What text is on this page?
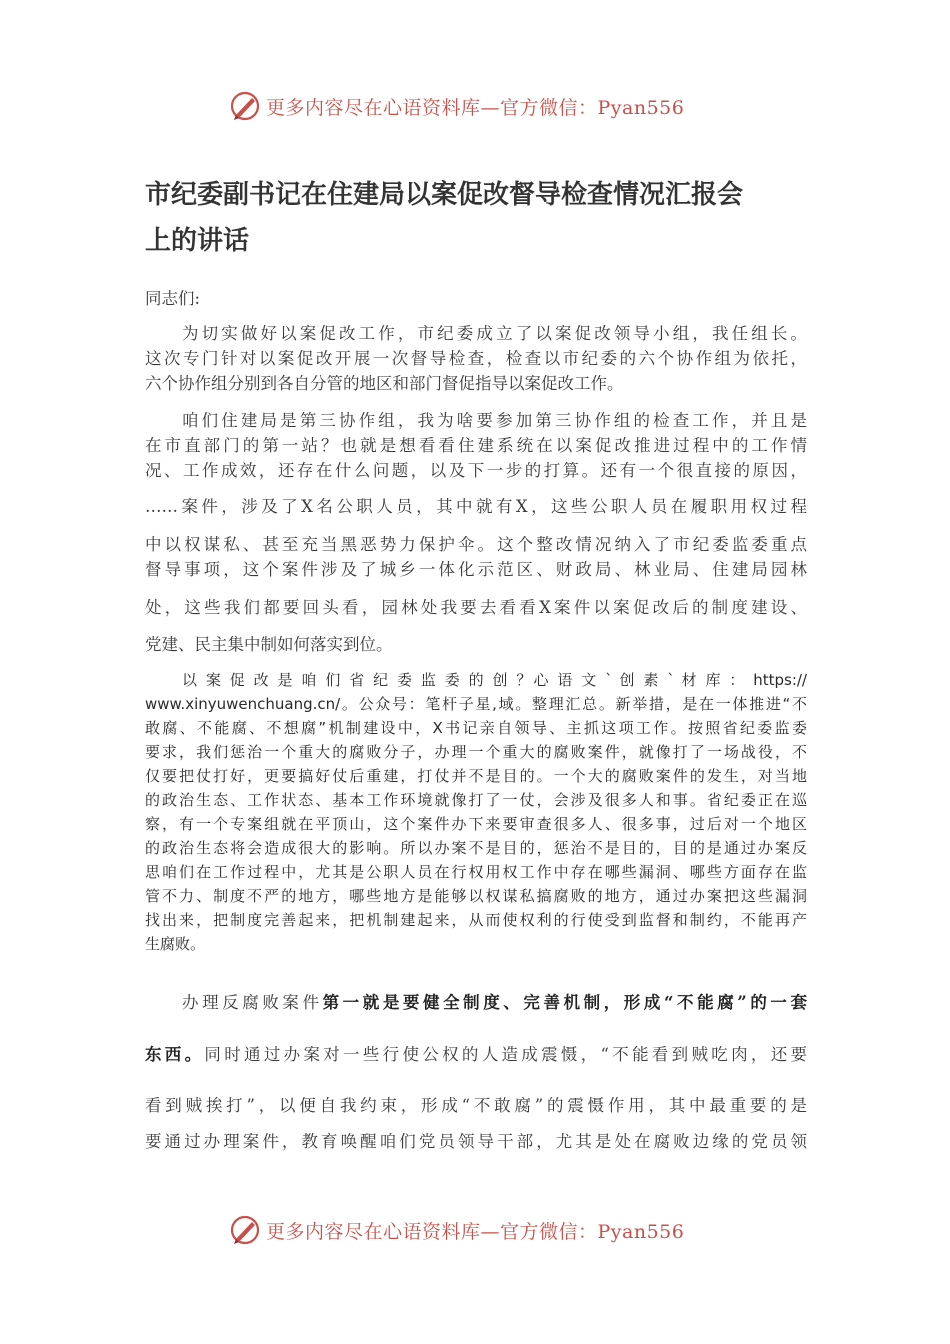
更多内容尽在心语资料库—官方微信：Pyan556
市纪委副书记在住建局以案促改督导检查情况汇报会
上的讲话
同志们:
为切实做好以案促改工作，市纪委成立了以案促改领导小组，我任组长。
这次专门针对以案促改开展一次督导检查，检查以市纪委的六个协作组为依托，
六个协作组分别到各自分管的地区和部门督促指导以案促改工作。
咱们住建局是第三协作组，我为啥要参加第三协作组的检查工作，并且是
在市直部门的第一站？也就是想看看住建系统在以案促改推进过程中的工作情
况、工作成效，还存在什么问题，以及下一步的打算。还有一个很直接的原因，
……案件，涉及了X名公职人员，其中就有X，这些公职人员在履职用权过程
中以权谋私、甚至充当黑恶势力保护伞。这个整改情况纳入了市纪委监委重点
督导事项，这个案件涉及了城乡一体化示范区、财政局、林业局、住建局园林
处，这些我们都要回头看，园林处我要去看看X案件以案促改后的制度建设、
党建、民主集中制如何落实到位。
以 案 促 改 是 咱 们 省 纪 委 监 委 的 创 ？心 语 文 ` 创 素 ` 材 库 ： https://
www.xinyuwenchuang.cn/。公众号：笔杆子星,域。整理汇总。新举措，是在一体推进“不
敢腐、不能腐、不想腐”机制建设中，X书记亲自领导、主抓这项工作。按照省纪委监委
要求，我们惩治一个重大的腐败分子，办理一个重大的腐败案件，就像打了一场战役，不
仅要把仗打好，更要搞好仗后重建，打仗并不是目的。一个大的腐败案件的发生，对当地
的政治生态、工作状态、基本工作环境就像打了一仗，会涉及很多人和事。省纪委正在巡
察，有一个专案组就在平顶山，这个案件办下来要审查很多人、很多事，过后对一个地区
的政治生态将会造成很大的影响。所以办案不是目的，惩治不是目的，目的是通过办案反
思咱们在工作过程中，尤其是公职人员在行权用权工作中存在哪些漏洞、哪些方面存在监
管不力、制度不严的地方，哪些地方是能够以权谋私搞腐败的地方，通过办案把这些漏洞
找出来，把制度完善起来，把机制建起来，从而使权利的行使受到监督和制约，不能再产
生腐败。
办理反腐败案件第一就是要健全制度、完善机制，形成“不能腐”的一套
东西。同时通过办案对一些行使公权的人造成震慑，“不能看到贼吃肉，还要
看到贼挨打”，以便自我约束，形成“不敢腐”的震慑作用，其中最重要的是
要通过办理案件，教育唤醒咱们党员领导干部，尤其是处在腐败边缘的党员领
更多内容尽在心语资料库—官方微信：Pyan556
